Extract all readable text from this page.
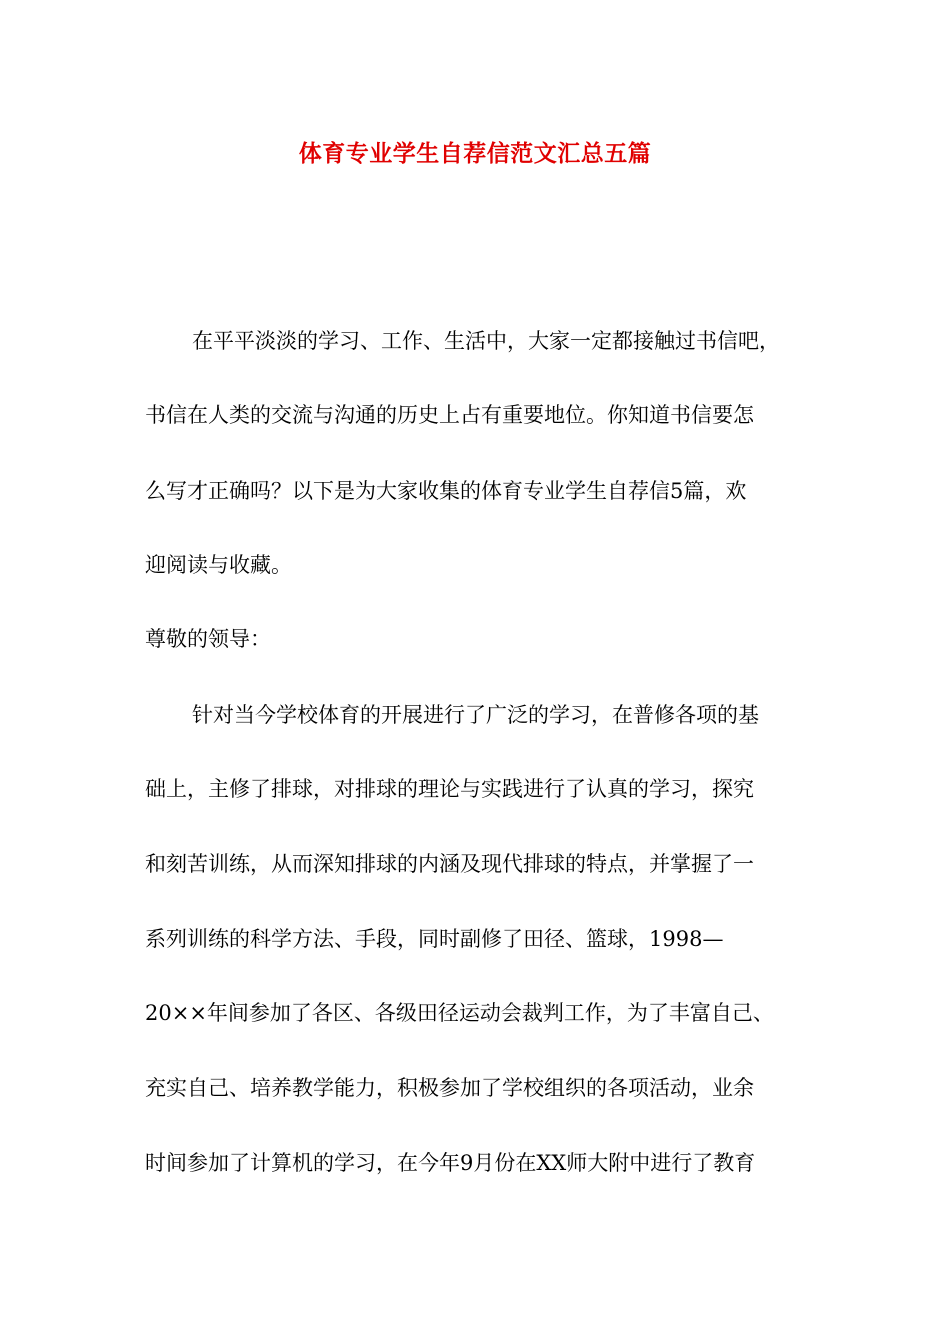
体育专业学生自荐信范文汇总五篇
在平平淡淡的学习、工作、生活中，大家一定都接触过书信吧，
书信在人类的交流与沟通的历史上占有重要地位。你知道书信要怎
么写才正确吗？以下是为大家收集的体育专业学生自荐信5篇，欢
迎阅读与收藏。
尊敬的领导：
针对当今学校体育的开展进行了广泛的学习，在普修各项的基
础上，主修了排球，对排球的理论与实践进行了认真的学习，探究
和刻苦训练，从而深知排球的内涵及现代排球的特点，并掌握了一
系列训练的科学方法、手段，同时副修了田径、篮球，1998—
20××年间参加了各区、各级田径运动会裁判工作，为了丰富自己、
充实自己、培养教学能力，积极参加了学校组织的各项活动，业余
时间参加了计算机的学习，在今年9月份在XX师大附中进行了教育
